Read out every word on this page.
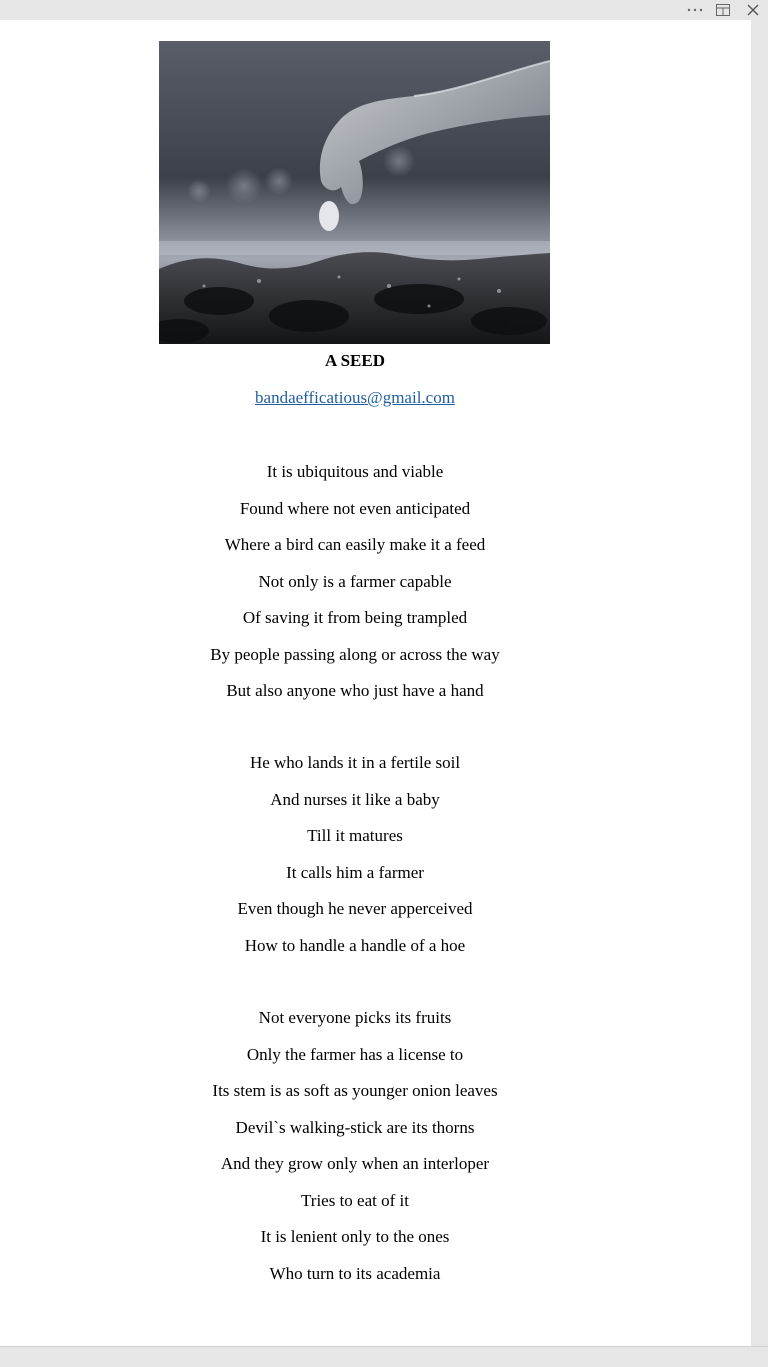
A SEED
bandaefficatious@gmail.com
It is ubiquitous and viable
Found where not even anticipated
Where a bird can easily make it a feed
Not only is a farmer capable
Of saving it from being trampled
By people passing along or across the way
But also anyone who just have a hand
He who lands it in a fertile soil
And nurses it like a baby
Till it matures
It calls him a farmer
Even though he never apperceived
How to handle a handle of a hoe
Not everyone picks its fruits
Only the farmer has a license to
Its stem is as soft as younger onion leaves
Devil`s walking-stick are its thorns
And they grow only when an interloper
Tries to eat of it
It is lenient only to the ones
Who turn to its academia
